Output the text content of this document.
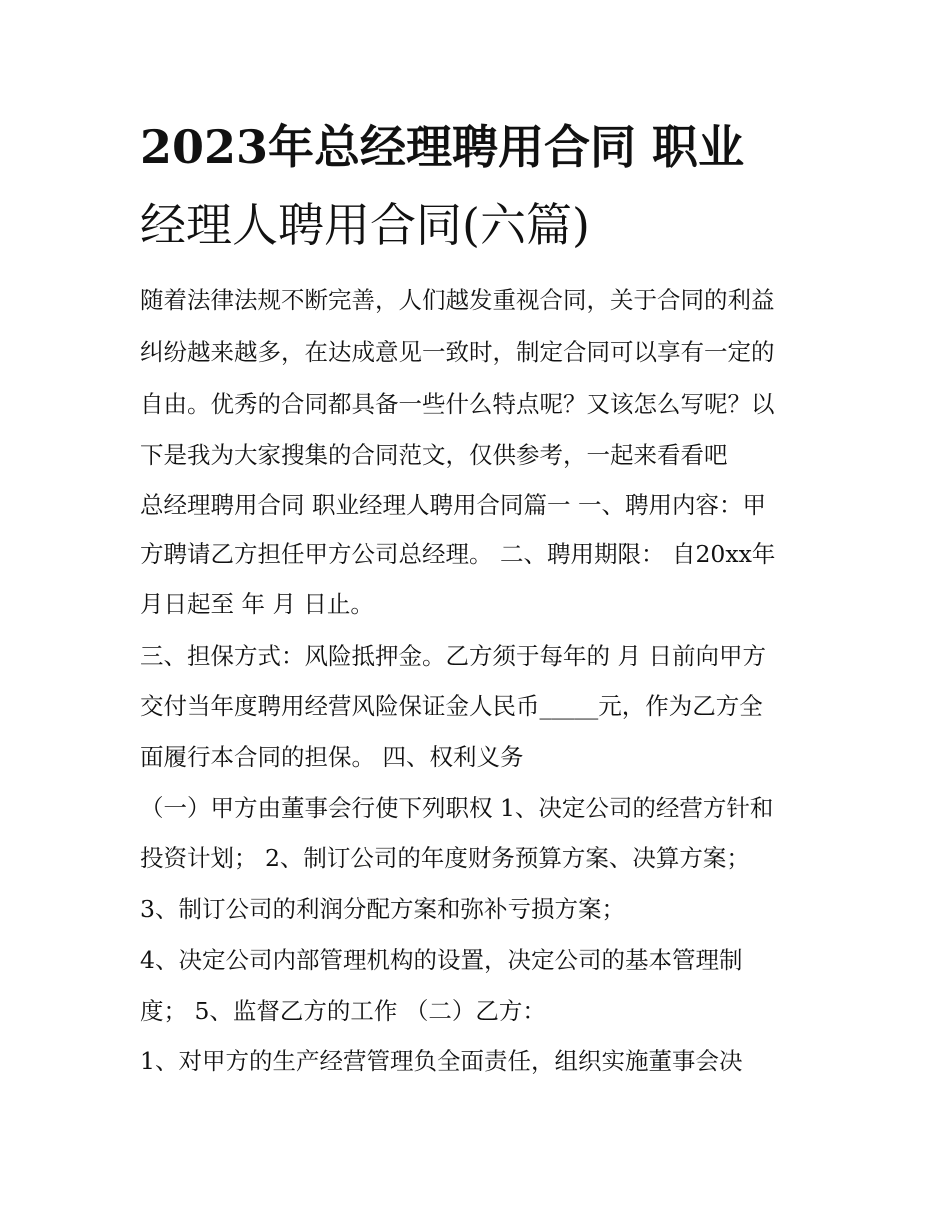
2023年总经理聘用合同 职业
经理人聘用合同(六篇)

随着法律法规不断完善，人们越发重视合同，关于合同的利益

纠纷越来越多，在达成意见一致时，制定合同可以享有一定的

自由。优秀的合同都具备一些什么特点呢？又该怎么写呢？以

下是我为大家搜集的合同范文，仅供参考，一起来看看吧

总经理聘用合同 职业经理人聘用合同篇一 一、聘用内容：甲

方聘请乙方担任甲方公司总经理。 二、聘用期限： 自20xx年

月日起至 年 月 日止。

三、担保方式：风险抵押金。乙方须于每年的 月 日前向甲方

交付当年度聘用经营风险保证金人民币_____元，作为乙方全

面履行本合同的担保。 四、权利义务

（一）甲方由董事会行使下列职权 1、决定公司的经营方针和

投资计划； 2、制订公司的年度财务预算方案、决算方案；

3、制订公司的利润分配方案和弥补亏损方案；

4、决定公司内部管理机构的设置，决定公司的基本管理制

度； 5、监督乙方的工作 （二）乙方：

1、对甲方的生产经营管理负全面责任，组织实施董事会决
